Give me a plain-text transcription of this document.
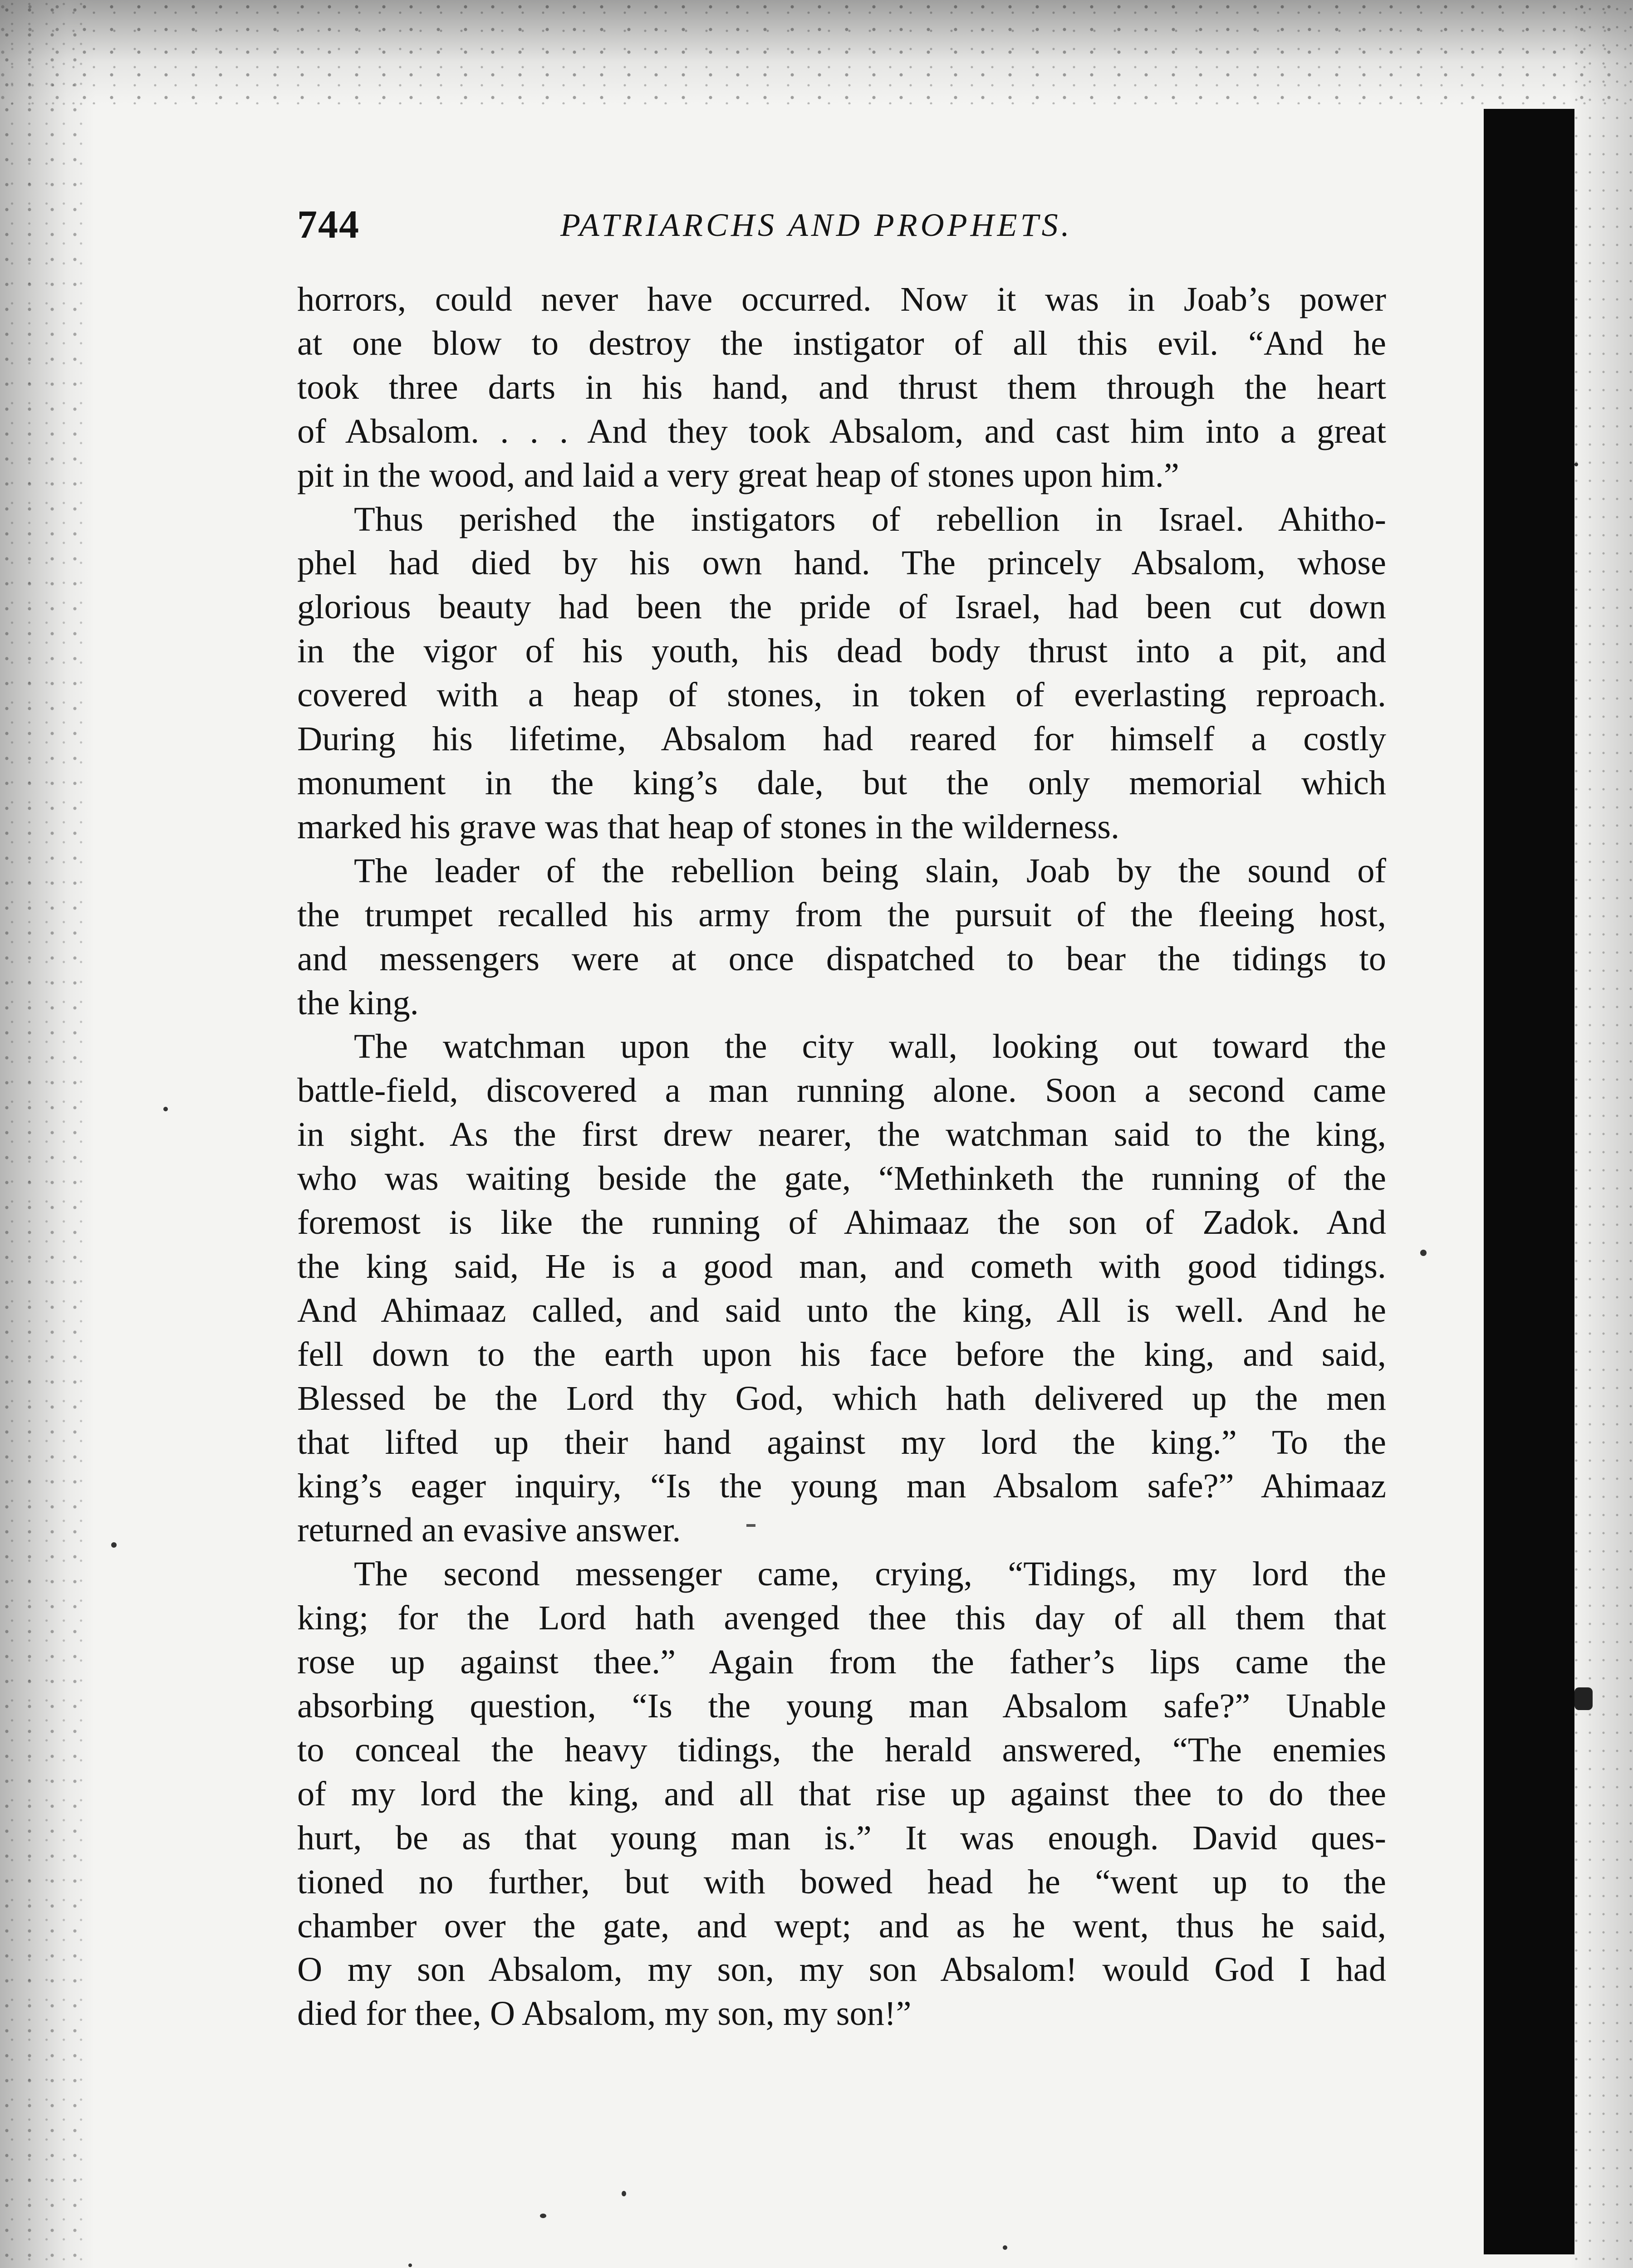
744	PATRIARCHS AND PROPHETS.
horrors, could never have occurred. Now it was in Joab’s power
at one blow to destroy the instigator of all this evil. “And he
took three darts in his hand, and thrust them through the heart
of Absalom. . . . And they took Absalom, and cast him into a great
pit in the wood, and laid a very great heap of stones upon him.”
Thus perished the instigators of rebellion in Israel. Ahitho-
phel had died by his own hand. The princely Absalom, whose
glorious beauty had been the pride of Israel, had been cut down
in the vigor of his youth, his dead body thrust into a pit, and
covered with a heap of stones, in token of everlasting reproach.
During his lifetime, Absalom had reared for himself a costly
monument in the king’s dale, but the only memorial which
marked his grave was that heap of stones in the wilderness.
The leader of the rebellion being slain, Joab by the sound of
the trumpet recalled his army from the pursuit of the fleeing host,
and messengers were at once dispatched to bear the tidings to
the king.
The watchman upon the city wall, looking out toward the
battle-field, discovered a man running alone. Soon a second came
in sight. As the first drew nearer, the watchman said to the king,
who was waiting beside the gate, “Methinketh the running of the
foremost is like the running of Ahimaaz the son of Zadok. And
the king said, He is a good man, and cometh with good tidings.
And Ahimaaz called, and said unto the king, All is well. And he
fell down to the earth upon his face before the king, and said,
Blessed be the Lord thy God, which hath delivered up the men
that lifted up their hand against my lord the king.” To the
king’s eager inquiry, “Is the young man Absalom safe?” Ahimaaz
returned an evasive answer.
The second messenger came, crying, “Tidings, my lord the
king; for the Lord hath avenged thee this day of all them that
rose up against thee.” Again from the father’s lips came the
absorbing question, “Is the young man Absalom safe?” Unable
to conceal the heavy tidings, the herald answered, “The enemies
of my lord the king, and all that rise up against thee to do thee
hurt, be as that young man is.” It was enough. David ques-
tioned no further, but with bowed head he “went up to the
chamber over the gate, and wept; and as he went, thus he said,
O my son Absalom, my son, my son Absalom! would God I had
died for thee, O Absalom, my son, my son!”
